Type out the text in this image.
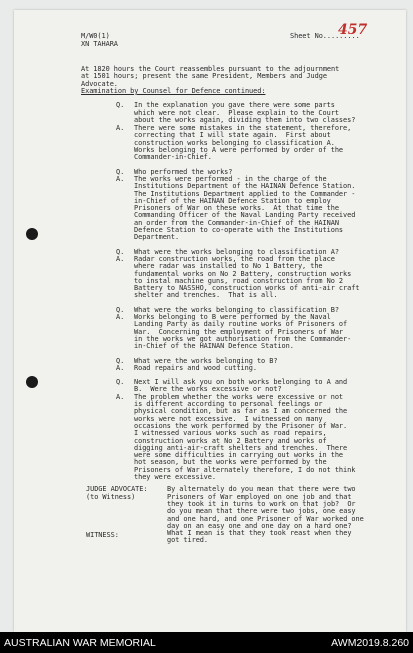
M/W0(1)
XN TAHARA
Sheet No.........
457
At 1820 hours the Court reassembles pursuant to the adjournment
at 1501 hours; present the same President, Members and Judge
Advocate.
Examination by Counsel for Defence continued:
Q. In the explanation you gave there were some parts
which were not clear.  Please explain to the Court
about the works again, dividing them into two classes?
A. There were some mistakes in the statement, therefore,
correcting that I will state again.  First about
construction works belonging to classification A.
Works belonging to A were performed by order of the
Commander-in-Chief.
Q. Who performed the works?
A. The works were performed - in the charge of the
Institutions Department of the HAINAN Defence Station.
The Institutions Department applied to the Commander -
in-Chief of the HAINAN Defence Station to employ
Prisoners of War on these works.  At that time the
Commanding Officer of the Naval Landing Party received
an order from the Commander-in-Chief of the HAINAN
Defence Station to co-operate with the Institutions
Department.
Q. What were the works belonging to classification A?
A. Radar construction works, the road from the place
where radar was installed to No 1 Battery, the
fundamental works on No 2 Battery, construction works
to instal machine guns, road construction from No 2
Battery to NASSHO, construction works of anti-air craft
shelter and trenches.  That is all.
Q. What were the works belonging to classification B?
A. Works belonging to B were performed by the Naval
Landing Party as daily routine works of Prisoners of
War.  Concerning the employment of Prisoners of War
in the works we got authorisation from the Commander-
in-Chief of the HAINAN Defence Station.
Q. What were the works belonging to B?
A. Road repairs and wood cutting.
Q. Next I will ask you on both works belonging to A and
B.  Were the works excessive or not?
A. The problem whether the works were excessive or not
is different according to personal feelings or
physical condition, but as far as I am concerned the
works were not excessive.  I witnessed on many
occasions the work performed by the Prisoner of War.
I witnessed various works such as road repairs,
construction works at No 2 Battery and works of
digging anti-air-craft shelters and trenches.  There
were some difficulties in carrying out works in the
hot season, but the works were performed by the
Prisoners of War alternately therefore, I do not think
they were excessive.
JUDGE ADVOCATE:
(to Witness)
By alternately do you mean that there were two
Prisoners of War employed on one job and that
they took it in turns to work on that job?  Or
do you mean that there were two jobs, one easy
and one hard, and one Prisoner of War worked one
day on an easy one and one day on a hard one?
WITNESS:	What I mean is that they took reast when they
got tired.
AUSTRALIAN WAR MEMORIAL	AWM2019.8.260
